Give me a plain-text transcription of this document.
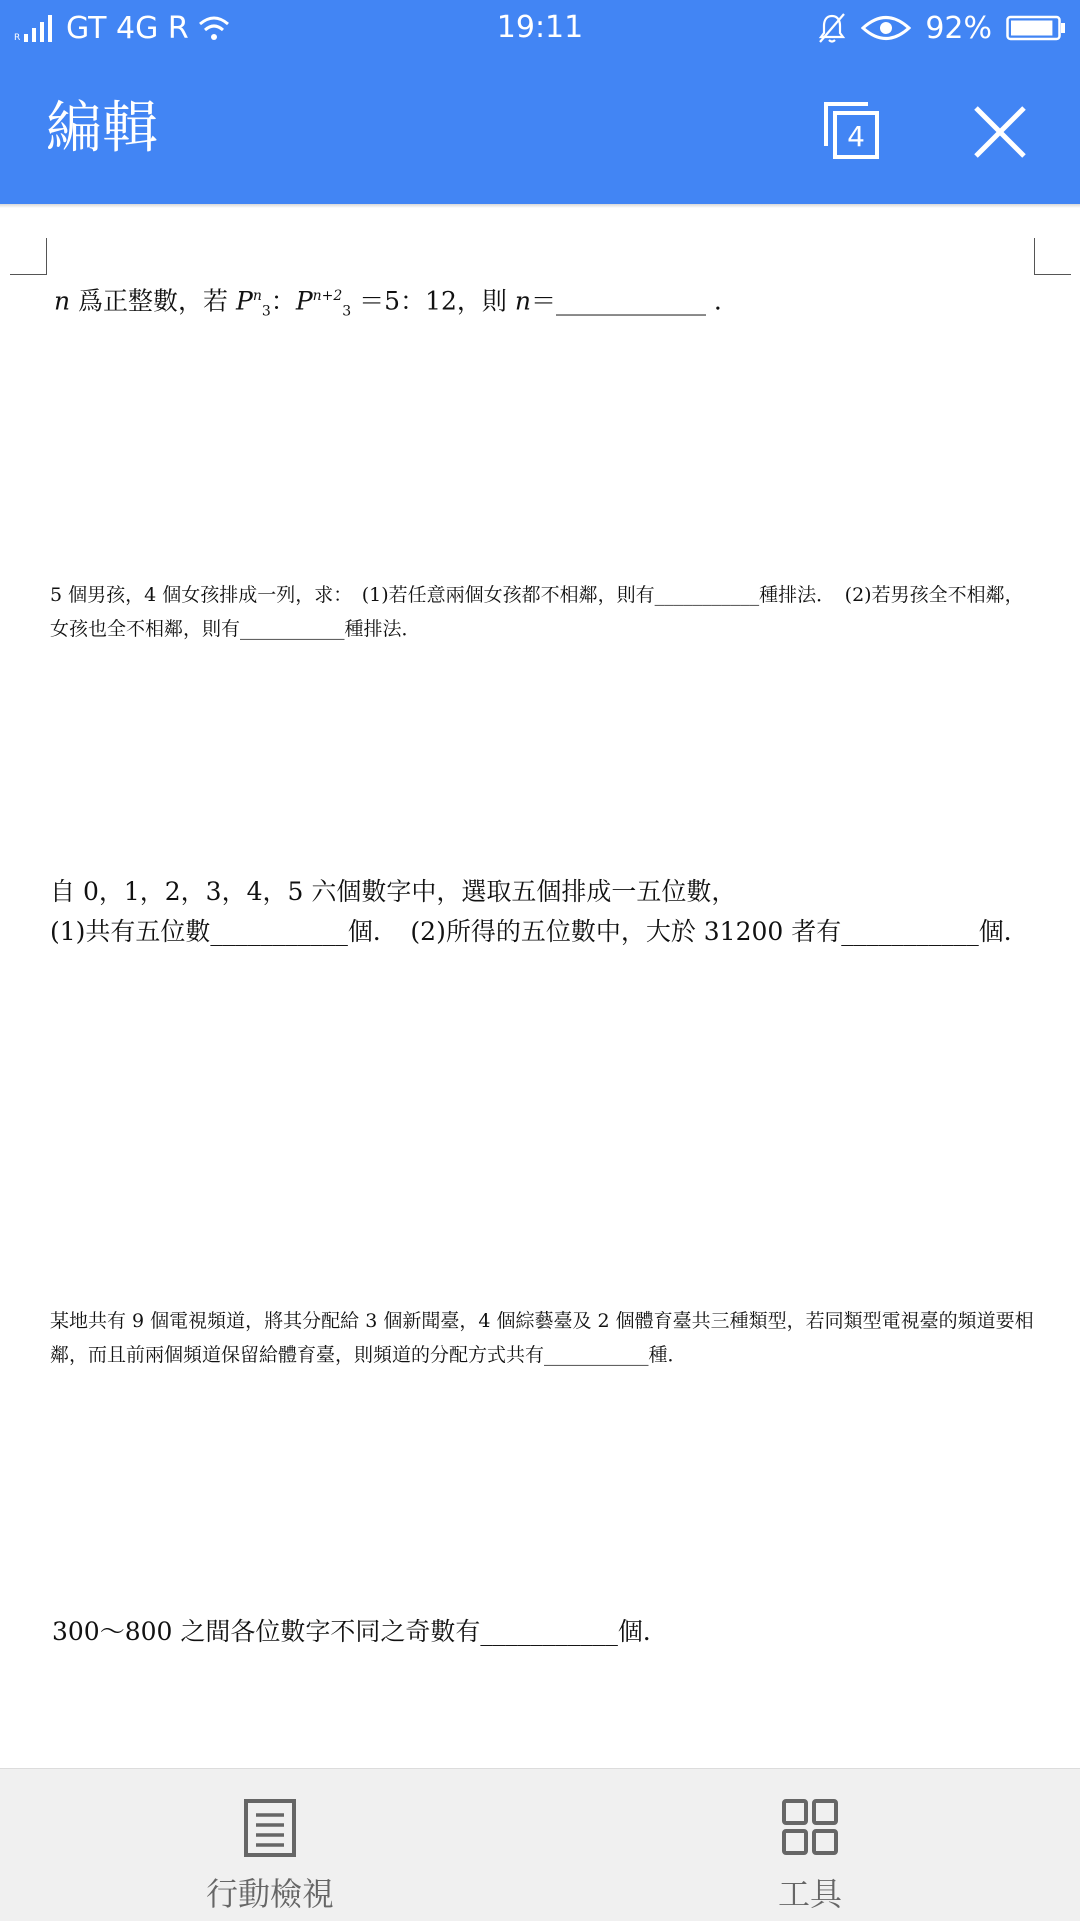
R GT 4G R	19:11	92%
編輯	4
n 爲正整數，若 $P^n_3$：$P^{n+2}_3 =5$：12，則 n＝____________ .
5 個男孩，4 個女孩排成一列，求：　(1)若任意兩個女孩都不相鄰，則有___________種排法．　(2)若男孩全不相鄰，女孩也全不相鄰，則有___________種排法．
自 0，1，2，3，4，5 六個數字中，選取五個排成一五位數，
(1)共有五位數___________個．　(2)所得的五位數中，大於 31200 者有___________個．
某地共有 9 個電視頻道，將其分配給 3 個新聞臺，4 個綜藝臺及 2 個體育臺共三種類型，若同類型電視臺的頻道要相鄰，而且前兩個頻道保留給體育臺，則頻道的分配方式共有___________種．
300～800 之間各位數字不同之奇數有___________個．
行動檢視	工具
